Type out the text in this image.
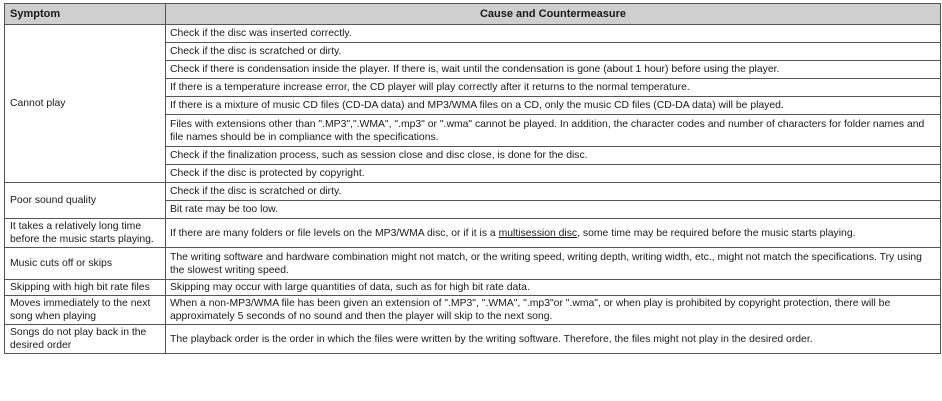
Symptom	Cause and Countermeasure
Cannot play	Check if the disc was inserted correctly.
	Check if the disc is scratched or dirty.
	Check if there is condensation inside the player. If there is, wait until the condensation is gone (about 1 hour) before using the player.
	If there is a temperature increase error, the CD player will play correctly after it returns to the normal temperature.
	If there is a mixture of music CD files (CD-DA data) and MP3/WMA files on a CD, only the music CD files (CD-DA data) will be played.
	Files with extensions other than ".MP3",".WMA", ".mp3" or ".wma" cannot be played. In addition, the character codes and number of characters for folder names and file names should be in compliance with the specifications.
	Check if the finalization process, such as session close and disc close, is done for the disc.
	Check if the disc is protected by copyright.
Poor sound quality	Check if the disc is scratched or dirty.
	Bit rate may be too low.
It takes a relatively long time before the music starts playing.	If there are many folders or file levels on the MP3/WMA disc, or if it is a multisession disc, some time may be required before the music starts playing.
Music cuts off or skips	The writing software and hardware combination might not match, or the writing speed, writing depth, writing width, etc., might not match the specifications. Try using the slowest writing speed.
Skipping with high bit rate files	Skipping may occur with large quantities of data, such as for high bit rate data.
Moves immediately to the next song when playing	When a non-MP3/WMA file has been given an extension of ".MP3", ".WMA", ".mp3"or ".wma", or when play is prohibited by copyright protection, there will be approximately 5 seconds of no sound and then the player will skip to the next song.
Songs do not play back in the desired order	The playback order is the order in which the files were written by the writing software. Therefore, the files might not play in the desired order.
